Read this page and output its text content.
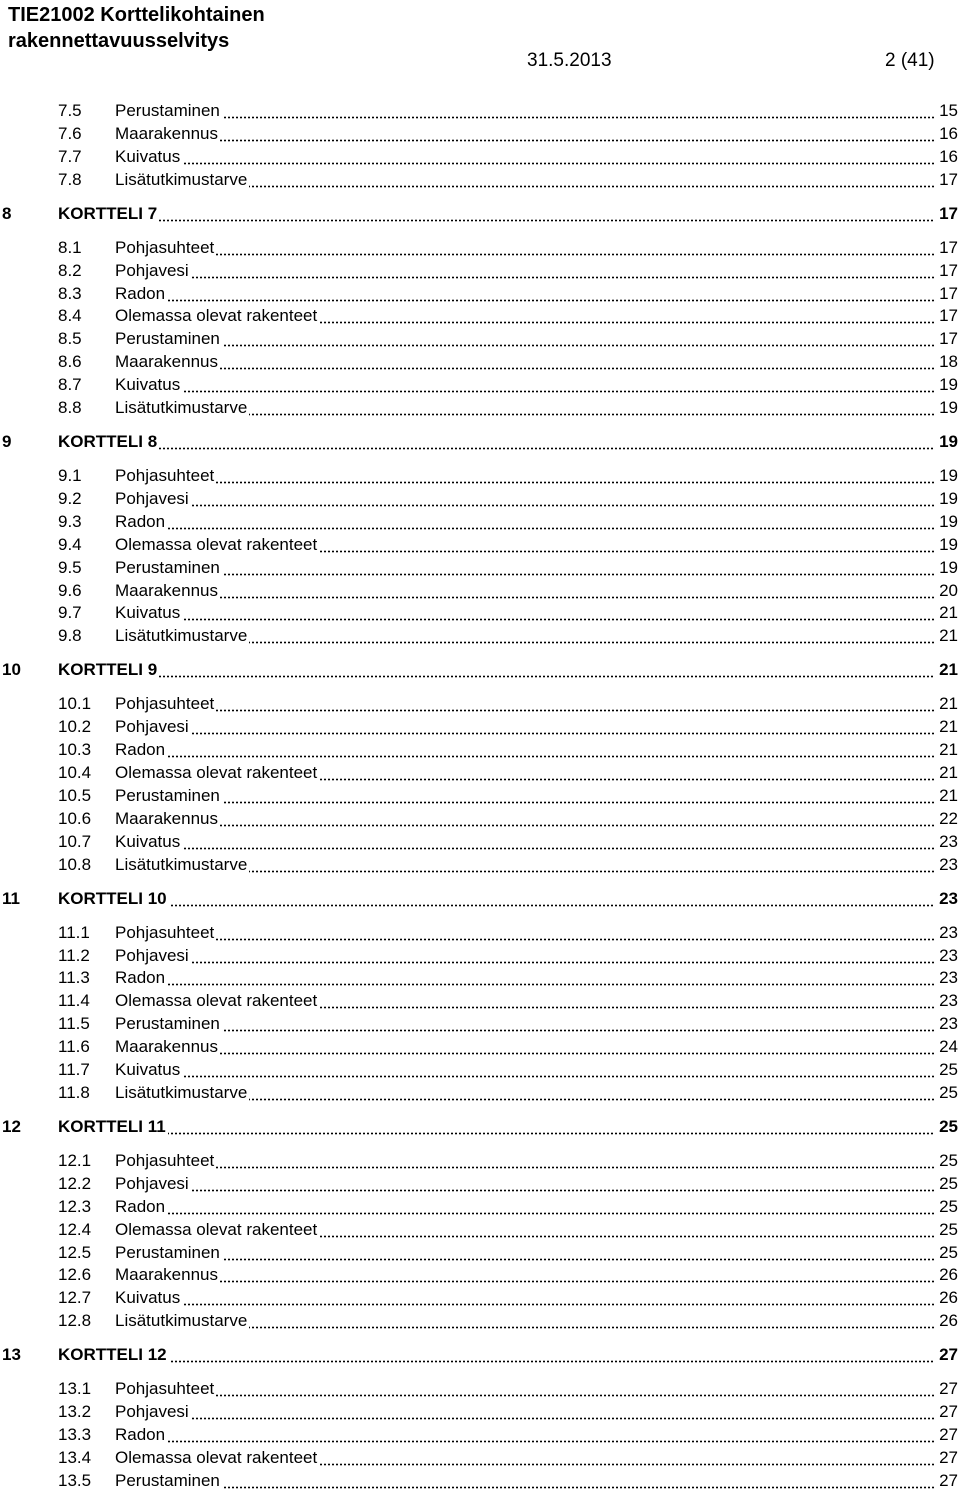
TIE21002 Korttelikohtainen
rakennettavuusselvitys
31.5.2013	2 (41)
7.5 Perustaminen	15
7.6 Maarakennus	16
7.7 Kuivatus	16
7.8 Lisätutkimustarve	17
8	KORTTELI 7	17
8.1 Pohjasuhteet	17
8.2 Pohjavesi	17
8.3 Radon	17
8.4 Olemassa olevat rakenteet	17
8.5 Perustaminen	17
8.6 Maarakennus	18
8.7 Kuivatus	19
8.8 Lisätutkimustarve	19
9	KORTTELI 8	19
9.1 Pohjasuhteet	19
9.2 Pohjavesi	19
9.3 Radon	19
9.4 Olemassa olevat rakenteet	19
9.5 Perustaminen	19
9.6 Maarakennus	20
9.7 Kuivatus	21
9.8 Lisätutkimustarve	21
10 KORTTELI 9	21
10.1 Pohjasuhteet	21
10.2 Pohjavesi	21
10.3 Radon	21
10.4 Olemassa olevat rakenteet	21
10.5 Perustaminen	21
10.6 Maarakennus	22
10.7 Kuivatus	23
10.8 Lisätutkimustarve	23
11 KORTTELI 10	23
11.1 Pohjasuhteet	23
11.2 Pohjavesi	23
11.3 Radon	23
11.4 Olemassa olevat rakenteet	23
11.5 Perustaminen	23
11.6 Maarakennus	24
11.7 Kuivatus	25
11.8 Lisätutkimustarve	25
12 KORTTELI 11	25
12.1 Pohjasuhteet	25
12.2 Pohjavesi	25
12.3 Radon	25
12.4 Olemassa olevat rakenteet	25
12.5 Perustaminen	25
12.6 Maarakennus	26
12.7 Kuivatus	26
12.8 Lisätutkimustarve	26
13 KORTTELI 12	27
13.1 Pohjasuhteet	27
13.2 Pohjavesi	27
13.3 Radon	27
13.4 Olemassa olevat rakenteet	27
13.5 Perustaminen	27
